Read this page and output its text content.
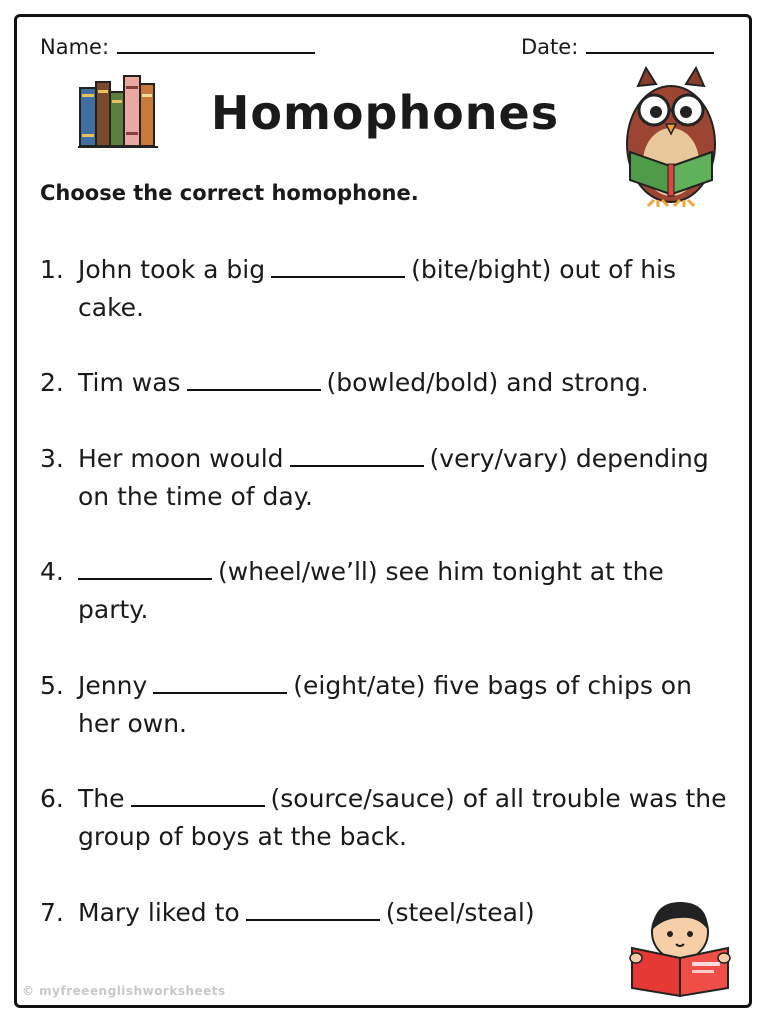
Name:	Date:
Homophones
Choose the correct homophone.
1. John took a big	(bite/bight) out of his cake.
2. Tim was	(bowled/bold) and strong.
3. Her moon would	(very/vary) depending on the time of day.
4.	(wheel/we’ll) see him tonight at the party.
5. Jenny	(eight/ate) five bags of chips on her own.
6. The	(source/sauce) of all trouble was the group of boys at the back.
7. Mary liked to	(steel/steal)
© myfreeenglishworksheets
